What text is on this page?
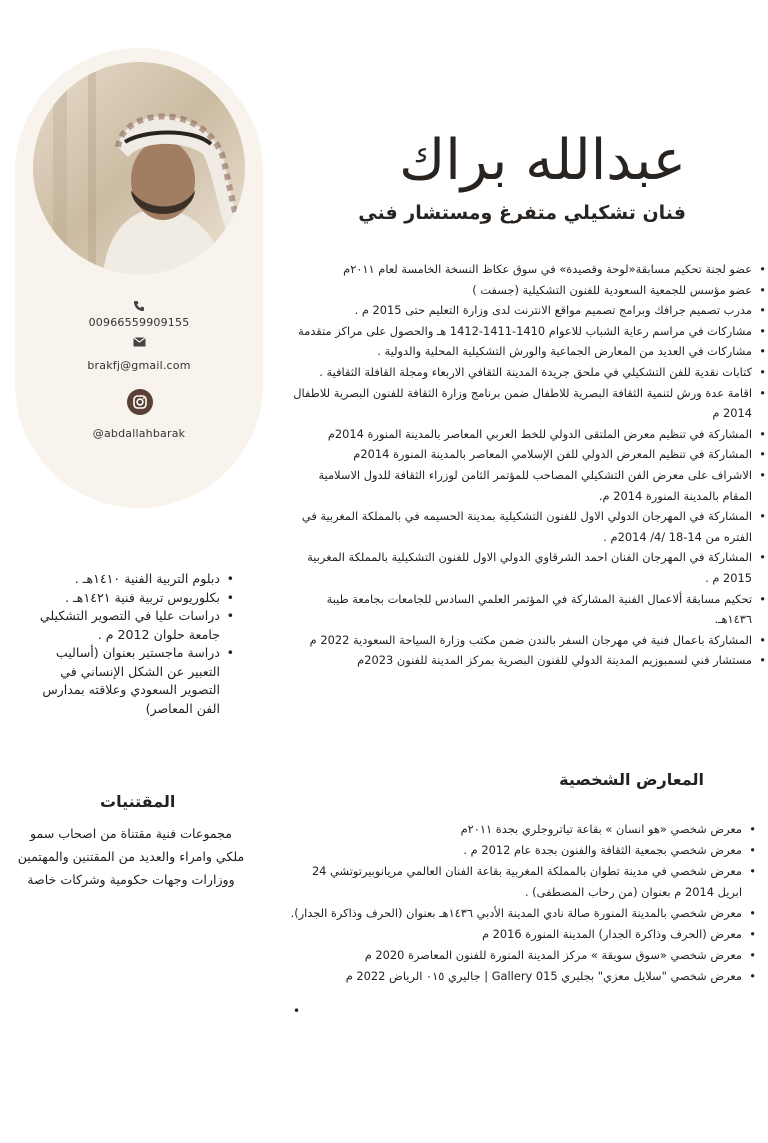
00966559909155
brakfj@gmail.com
@abdallahbarak
عبدالله براك
فنان تشكيلي متفرغ ومستشار فني
• عضو لجنة تحكيم مسابقة«لوحة وقصيدة» في سوق عكاظ النسخة الخامسة لعام ٢٠١١م
• عضو مؤسس للجمعية السعودية للفنون التشكيلية (جسفت )
• مدرب تصميم جرافك وبرامج تصميم مواقع الانترنت لدى وزارة التعليم حتى 2015 م .
• مشاركات في مراسم رعاية الشباب للاعوام 1410-1411-1412 هـ والحصول على مراكز متقدمة
• مشاركات في العديد من المعارض الجماعية والورش التشكيلية المحلية والدولية .
• كتابات نقدية للفن التشكيلي في ملحق جريدة المدينة الثقافي الاربعاء ومجلة القافلة الثقافية .
• اقامة عدة ورش لتنمية الثقافة البصرية للاطفال ضمن برنامج وزارة الثقافة للفنون البصرية للاطفال 2014 م
• المشاركة في تنظيم معرض الملتقى الدولي للخط العربي المعاصر بالمدينة المنورة 2014م
• المشاركة في تنظيم المعرض الدولي للفن الإسلامي المعاصر بالمدينة المنورة 2014م
• الاشراف على معرض الفن التشكيلي المصاحب للمؤتمر الثامن لوزراء الثقافة للدول الاسلامية المقام بالمدينة المنورة 2014 م.
• المشاركة في المهرجان الدولي الاول للفنون التشكيلية بمدينة الحسيمه في بالمملكة المغربية في الفتره من 14-18 /4/ 2014م .
• المشاركة في المهرجان الفنان احمد الشرقاوي الدولي الاول للفنون التشكيلية بالمملكة المغربية 2015 م .
• تحكيم مسابقة ألاعمال الفنية المشاركة في المؤتمر العلمي السادس للجامعات بجامعة طيبة ١٤٣٦هـ.
• المشاركة باعمال فنية في مهرجان السفر بالندن ضمن مكتب وزارة السياحة السعودية 2022 م
• مستشار فني لسمبوزيم المدينة الدولي للفنون البصرية بمركز المدينة للفنون 2023م
• دبلوم التربية الفنية ١٤١٠هـ .
• بكلوريوس تربية فنية ١٤٢١هـ .
• دراسات عليا في التصوير التشكيلي جامعة حلوان 2012 م .
• دراسة ماجستير بعنوان (أساليب التعبير عن الشكل الإنساني في التصوير السعودي وعلاقته بمدارس الفن المعاصر)
المعارض الشخصية
• معرض شخصي «هو انسان » بقاعة تياتروجلري بجدة ٢٠١١م
• معرض شخصي بجمعية الثقافة والفنون بجدة عام 2012 م .
• معرض شخصي في مدينة تطوان بالمملكة المغربية بقاعة الفنان العالمي مريانوبيرتوتشي 24 ابريل 2014 م بعنوان (من رحاب المصطفى) .
• معرض شخصي بالمدينة المنورة صالة نادي المدينة الأدبي ١٤٣٦هـ بعنوان (الحرف وذاكرة الجدار).
• معرض (الحرف وذاكرة الجدار) المدينة المنورة 2016 م
• معرض شخصي «سوق سويقة » مركز المدينة المنورة للفنون المعاصرة 2020 م
• معرض شخصي "سلايل معزي" بجليري Gallery 015 | جاليري ٠١٥ الرياض 2022 م
•
المقتنيات

مجموعات فنية مقتناة من اصحاب سمو ملكي وامراء والعديد من المقتنين والمهتمين ووزارات وجهات حكومية وشركات خاصة
